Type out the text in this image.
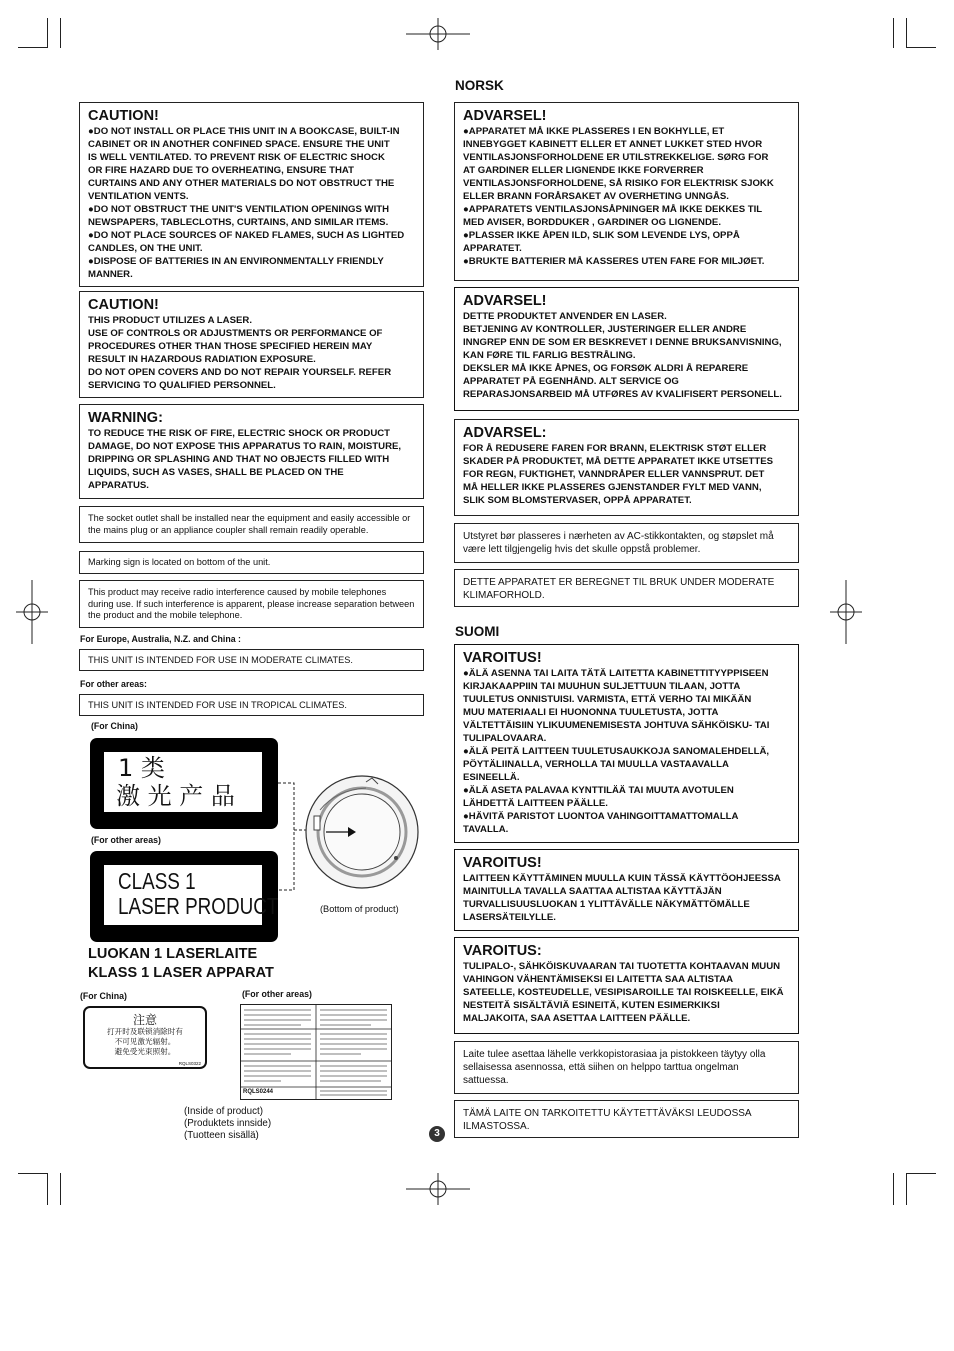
CAUTION!
●DO NOT INSTALL OR PLACE THIS UNIT IN A BOOKCASE, BUILT-IN
CABINET OR IN ANOTHER CONFINED SPACE. ENSURE THE UNIT
IS WELL VENTILATED. TO PREVENT RISK OF ELECTRIC SHOCK
OR FIRE HAZARD DUE TO OVERHEATING, ENSURE THAT
CURTAINS AND ANY OTHER MATERIALS DO NOT OBSTRUCT THE
VENTILATION VENTS.
●DO NOT OBSTRUCT THE UNIT'S VENTILATION OPENINGS WITH
NEWSPAPERS, TABLECLOTHS, CURTAINS, AND SIMILAR ITEMS.
●DO NOT PLACE SOURCES OF NAKED FLAMES, SUCH AS LIGHTED
CANDLES, ON THE UNIT.
●DISPOSE OF BATTERIES IN AN ENVIRONMENTALLY FRIENDLY
MANNER.
CAUTION!
THIS PRODUCT UTILIZES A LASER.
USE OF CONTROLS OR ADJUSTMENTS OR PERFORMANCE OF
PROCEDURES OTHER THAN THOSE SPECIFIED HEREIN MAY
RESULT IN HAZARDOUS RADIATION EXPOSURE.
DO NOT OPEN COVERS AND DO NOT REPAIR YOURSELF. REFER
SERVICING TO QUALIFIED PERSONNEL.
WARNING:
TO REDUCE THE RISK OF FIRE, ELECTRIC SHOCK OR PRODUCT
DAMAGE, DO NOT EXPOSE THIS APPARATUS TO RAIN, MOISTURE,
DRIPPING OR SPLASHING AND THAT NO OBJECTS FILLED WITH
LIQUIDS, SUCH AS VASES, SHALL BE PLACED ON THE
APPARATUS.
The socket outlet shall be installed near the equipment and easily accessible or
the mains plug or an appliance coupler shall remain readily operable.
Marking sign is located on bottom of the unit.
This product may receive radio interference caused by mobile telephones
during use. If such interference is apparent, please increase separation between
the product and the mobile telephone.
For Europe, Australia, N.Z. and China :
THIS UNIT IS INTENDED FOR USE IN MODERATE CLIMATES.
For other areas:
THIS UNIT IS INTENDED FOR USE IN TROPICAL CLIMATES.
(For China)
1 类
激 光 产 品
(For other areas)
CLASS 1
LASER PRODUCT	(Bottom of product)
LUOKAN 1 LASERLAITE
KLASS 1 LASER APPARAT
(For China)	(For other areas)
注意
打开时及联锁消除时有
不可见激光辐射。
避免受光束照射。
RQLS0322
RQLS0244
(Inside of product)
(Produktets innside)
(Tuotteen sisällä)	3
NORSK
ADVARSEL!
●APPARATET MÅ IKKE PLASSERES I EN BOKHYLLE, ET
INNEBYGGET KABINETT ELLER ET ANNET LUKKET STED HVOR
VENTILASJONSFORHOLDENE ER UTILSTREKKELIGE. SØRG FOR
AT GARDINER ELLER LIGNENDE IKKE FORVERRER
VENTILASJONSFORHOLDENE, SÅ RISIKO FOR ELEKTRISK SJOKK
ELLER BRANN FORÅRSAKET AV OVERHETING UNNGÅS.
●APPARATETS VENTILASJONSÅPNINGER MÅ IKKE DEKKES TIL
MED AVISER, BORDDUKER , GARDINER OG LIGNENDE.
●PLASSER IKKE ÅPEN ILD, SLIK SOM LEVENDE LYS, OPPÅ
APPARATET.
●BRUKTE BATTERIER MÅ KASSERES UTEN FARE FOR MILJØET.
ADVARSEL!
DETTE PRODUKTET ANVENDER EN LASER.
BETJENING AV KONTROLLER, JUSTERINGER ELLER ANDRE
INNGREP ENN DE SOM ER BESKREVET I DENNE BRUKSANVISNING,
KAN FØRE TIL FARLIG BESTRÅLING.
DEKSLER MÅ IKKE ÅPNES, OG FORSØK ALDRI Å REPARERE
APPARATET PÅ EGENHÅND. ALT SERVICE OG
REPARASJONSARBEID MÅ UTFØRES AV KVALIFISERT PERSONELL.
ADVARSEL:
FOR Å REDUSERE FAREN FOR BRANN, ELEKTRISK STØT ELLER
SKADER PÅ PRODUKTET, MÅ DETTE APPARATET IKKE UTSETTES
FOR REGN, FUKTIGHET, VANNDRÅPER ELLER VANNSPRUT. DET
MÅ HELLER IKKE PLASSERES GJENSTANDER FYLT MED VANN,
SLIK SOM BLOMSTERVASER, OPPÅ APPARATET.
Utstyret bør plasseres i nærheten av AC-stikkontakten, og støpslet må
være lett tilgjengelig hvis det skulle oppstå problemer.
DETTE APPARATET ER BEREGNET TIL BRUK UNDER MODERATE
KLIMAFORHOLD.
SUOMI
VAROITUS!
●ÄLÄ ASENNA TAI LAITA TÄTÄ LAITETTA KABINETTITYYPPISEEN
KIRJAKAAPPIIN TAI MUUHUN SULJETTUUN TILAAN, JOTTA
TUULETUS ONNISTUISI. VARMISTA, ETTÄ VERHO TAI MIKÄÄN
MUU MATERIAALI EI HUONONNA TUULETUSTA, JOTTA
VÄLTETTÄISIIN YLIKUUMENEMISESTA JOHTUVA SÄHKÖISKU- TAI
TULIPALOVAARA.
●ÄLÄ PEITÄ LAITTEEN TUULETUSAUKKOJA SANOMALEHDELLÄ,
PÖYTÄLIINALLA, VERHOLLA TAI MUULLA VASTAAVALLA
ESINEELLÄ.
●ÄLÄ ASETA PALAVAA KYNTTILÄÄ TAI MUUTA AVOTULEN
LÄHDETTÄ LAITTEEN PÄÄLLE.
●HÄVITÄ PARISTOT LUONTOA VAHINGOITTAMATTOMALLA
TAVALLA.
VAROITUS!
LAITTEEN KÄYTTÄMINEN MUULLA KUIN TÄSSÄ KÄYTTÖOHJEESSA
MAINITULLA TAVALLA SAATTAA ALTISTAA KÄYTTÄJÄN
TURVALLISUUSLUOKAN 1 YLITTÄVÄLLE NÄKYMÄTTÖMÄLLE
LASERSÄTEILYLLE.
VAROITUS:
TULIPALO-, SÄHKÖISKUVAARAN TAI TUOTETTA KOHTAAVAN MUUN
VAHINGON VÄHENTÄMISEKSI EI LAITETTA SAA ALTISTAA
SATEELLE, KOSTEUDELLE, VESIPISAROILLE TAI ROISKEELLE, EIKÄ
NESTEITÄ SISÄLTÄVIÄ ESINEITÄ, KUTEN ESIMERKIKSI
MALJAKOITA, SAA ASETTAA LAITTEEN PÄÄLLE.
Laite tulee asettaa lähelle verkkopistorasiaa ja pistokkeen täytyy olla
sellaisessa asennossa, että siihen on helppo tarttua ongelman
sattuessa.
TÄMÄ LAITE ON TARKOITETTU KÄYTETTÄVÄKSI LEUDOSSA
ILMASTOSSA.
